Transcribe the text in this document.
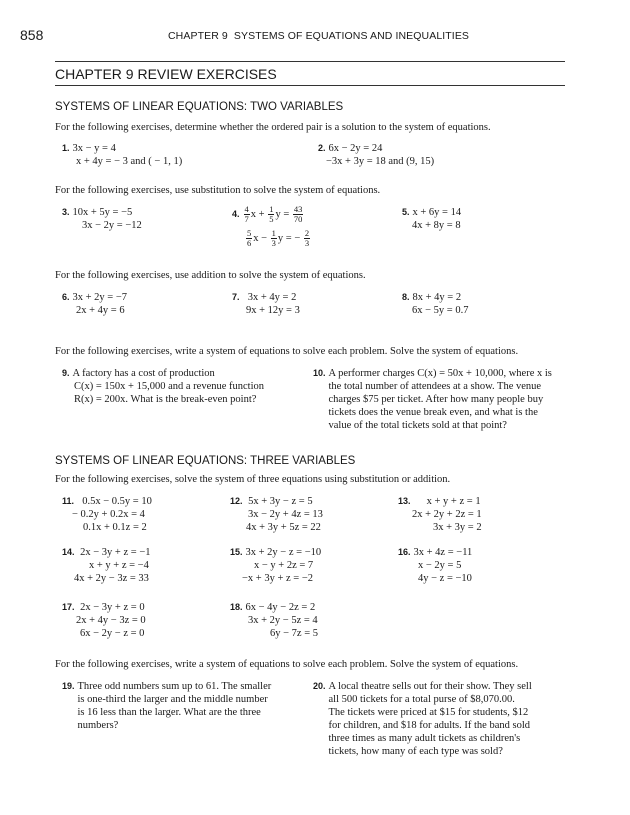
858	CHAPTER 9 SYSTEMS OF EQUATIONS AND INEQUALITIES
CHAPTER 9 REVIEW EXERCISES
SYSTEMS OF LINEAR EQUATIONS: TWO VARIABLES
For the following exercises, determine whether the ordered pair is a solution to the system of equations.
1. 3x − y = 4
x + 4y = − 3 and ( − 1, 1)
2. 6x − 2y = 24
−3x + 3y = 18 and (9, 15)
For the following exercises, use substitution to solve the system of equations.
3. 10x + 5y = −5
3x − 2y = −12
4. $\frac{4}{7}$ $x + \frac{1}{5}$ $y = \frac{43}{70}$
$\frac{5}{6}$ $x - \frac{1}{3}$ y = − $\frac{2}{3}$
5. x + 6y = 14
4x + 8y = 8
For the following exercises, use addition to solve the system of equations.
6. 3x + 2y = −7
2x + 4y = 6
7. 3x + 4y = 2
9x + 12y = 3
8. 8x + 4y = 2
6x − 5y = 0.7
For the following exercises, write a system of equations to solve each problem. Solve the system of equations.
9. A factory has a cost of production
C(x) = 150x + 15,000 and a revenue function
R(x) = 200x. What is the break-even point?
10. A performer charges C(x) = 50x + 10,000, where x is the total number of attendees at a show. The venue charges $75 per ticket. After how many people buy tickets does the venue break even, and what is the value of the total tickets sold at that point?
SYSTEMS OF LINEAR EQUATIONS: THREE VARIABLES
For the following exercises, solve the system of three equations using substitution or addition.
11. 0.5x − 0.5y = 10
− 0.2y + 0.2x = 4
0.1x + 0.1z = 2
12. 5x + 3y − z = 5
3x − 2y + 4z = 13
4x + 3y + 5z = 22
13. x + y + z = 1
2x + 2y + 2z = 1
3x + 3y = 2
14. 2x − 3y + z = −1
x + y + z = −4
4x + 2y − 3z = 33
15. 3x + 2y − z = −10
x − y + 2z = 7
−x + 3y + z = −2
16. 3x + 4z = −11
x − 2y = 5
4y − z = −10
17. 2x − 3y + z = 0
2x + 4y − 3z = 0
6x − 2y − z = 0
18. 6x − 4y − 2z = 2
3x + 2y − 5z = 4
6y − 7z = 5
For the following exercises, write a system of equations to solve each problem. Solve the system of equations.
19. Three odd numbers sum up to 61. The smaller is one-third the larger and the middle number is 16 less than the larger. What are the three numbers?
20. A local theatre sells out for their show. They sell all 500 tickets for a total purse of $8,070.00. The tickets were priced at $15 for students, $12 for children, and $18 for adults. If the band sold three times as many adult tickets as children's tickets, how many of each type was sold?
